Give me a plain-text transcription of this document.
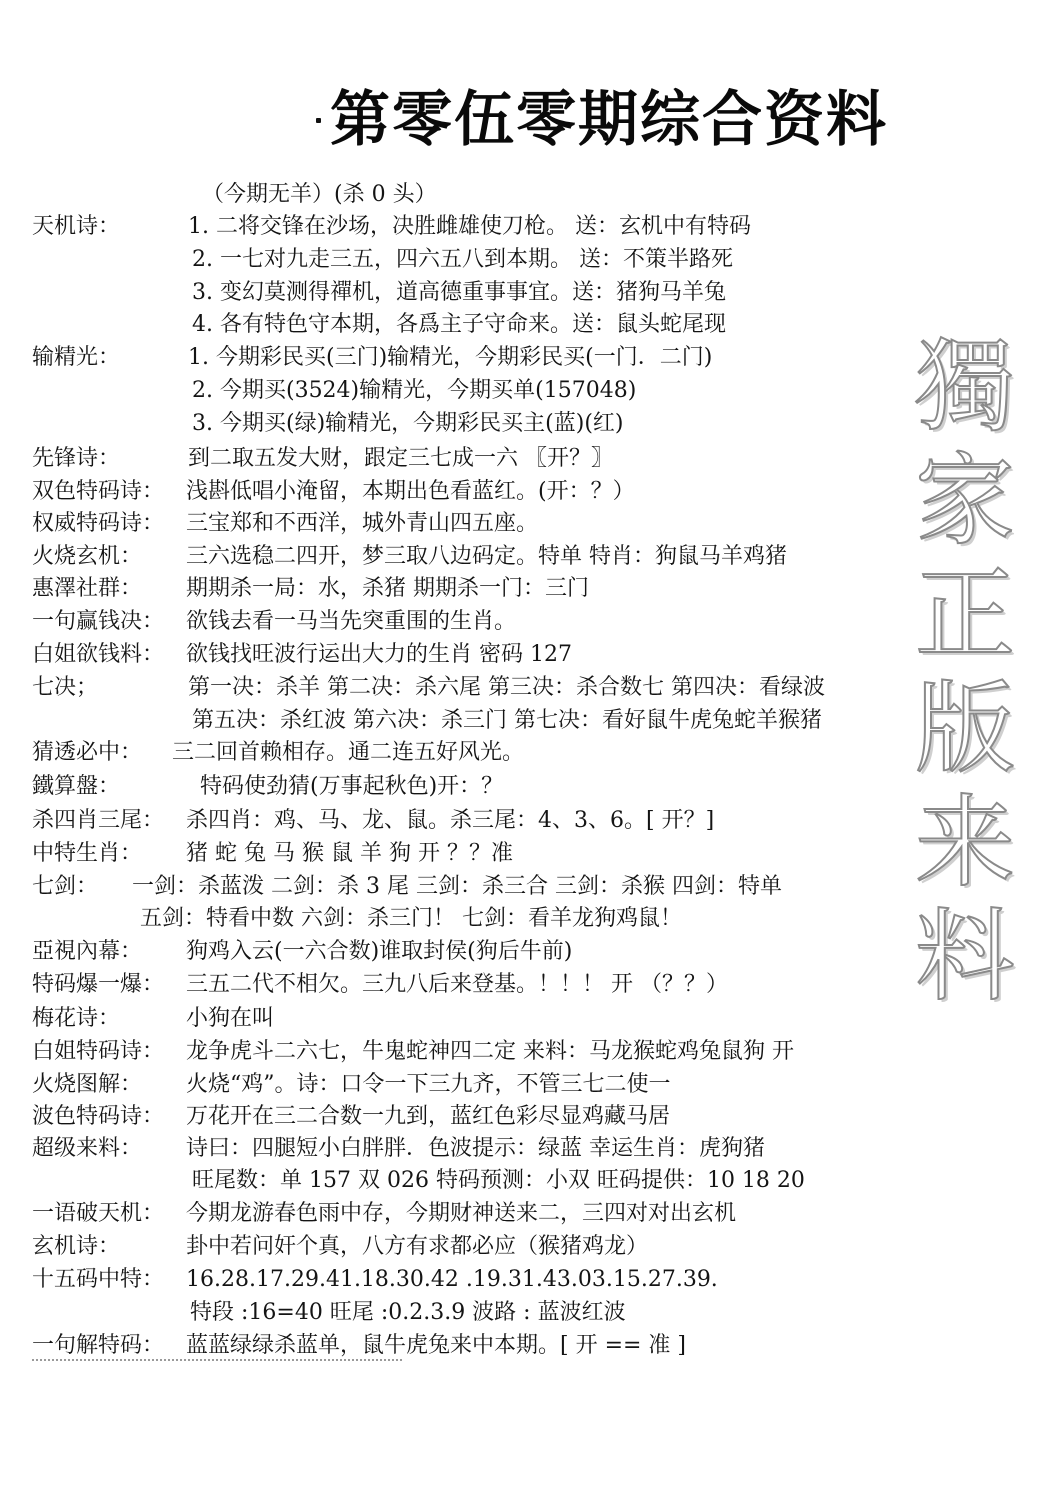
第零伍零期综合资料
（今期无羊）(杀 0 头）
天机诗：	1. 二将交锋在沙场，决胜雌雄使刀枪。 送：玄机中有特码
2. 一七对九走三五，四六五八到本期。 送：不策半路死
3. 变幻莫测得禪机，道高德重事事宜。送：猪狗马羊兔
4. 各有特色守本期，各爲主子守命来。送：鼠头蛇尾现
输精光：	1. 今期彩民买(三门)输精光，今期彩民买(一门．二门)
2. 今期买(3524)输精光，今期买单(157048)
3. 今期买(绿)输精光，今期彩民买主(蓝)(红)
先锋诗：	到二取五发大财，跟定三七成一六 〖开？〗
双色特码诗： 浅斟低唱小淹留，本期出色看蓝红。(开：？）
权威特码诗： 三宝郑和不西洋，城外青山四五座。
火烧玄机： 三六选稳二四开，梦三取八边码定。特单 特肖：狗鼠马羊鸡猪
惠澤社群： 期期杀一局：水，杀猪 期期杀一门：三门
一句赢钱决： 欲钱去看一马当先突重围的生肖。
白姐欲钱料： 欲钱找旺波行运出大力的生肖 密码 127
七决；	第一决：杀羊 第二决：杀六尾 第三决：杀合数七 第四决：看绿波
第五决：杀红波 第六决：杀三门 第七决：看好鼠牛虎兔蛇羊猴猪
猜透必中： 三二回首赖相存。通二连五好风光。
鐵算盤：	特码使劲猜(万事起秋色)开：？
杀四肖三尾： 杀四肖：鸡、马、龙、鼠。杀三尾：4、3、6。[ 开？]
中特生肖： 猪 蛇 兔 马 猴 鼠 羊 狗 开 ？？准
七剑： 一剑：杀蓝泼 二剑：杀 3 尾 三剑：杀三合 三剑：杀猴 四剑：特单
五剑：特看中数 六剑：杀三门！ 七剑：看羊龙狗鸡鼠！
亞視內幕： 狗鸡入云(一六合数)谁取封侯(狗后牛前)
特码爆一爆： 三五二代不相欠。三九八后来登基。！！！ 开 （？？）
梅花诗：	小狗在叫
白姐特码诗： 龙争虎斗二六七，牛鬼蛇神四二定 来料：马龙猴蛇鸡兔鼠狗 开
火烧图解： 火烧“鸡”。诗：口令一下三九齐，不管三七二使一
波色特码诗： 万花开在三二合数一九到，蓝红色彩尽显鸡藏马居
超级来料： 诗曰：四腿短小白胖胖．色波提示：绿蓝 幸运生肖：虎狗猪
旺尾数：单 157 双 026 特码预测：小双 旺码提供：10 18 20
一语破天机： 今期龙游春色雨中存，今期财神送来二，三四对对出玄机
玄机诗：	卦中若问奸个真，八方有求都必应（猴猪鸡龙）
十五码中特： 16.28.17.29.41.18.30.42 .19.31.43.03.15.27.39.
特段 :16=40 旺尾 :0.2.3.9 波路 : 蓝波红波
一句解特码： 蓝蓝绿绿杀蓝单，鼠牛虎兔来中本期。[ 开 == 准 ]
獨
家
正
版
来
料
